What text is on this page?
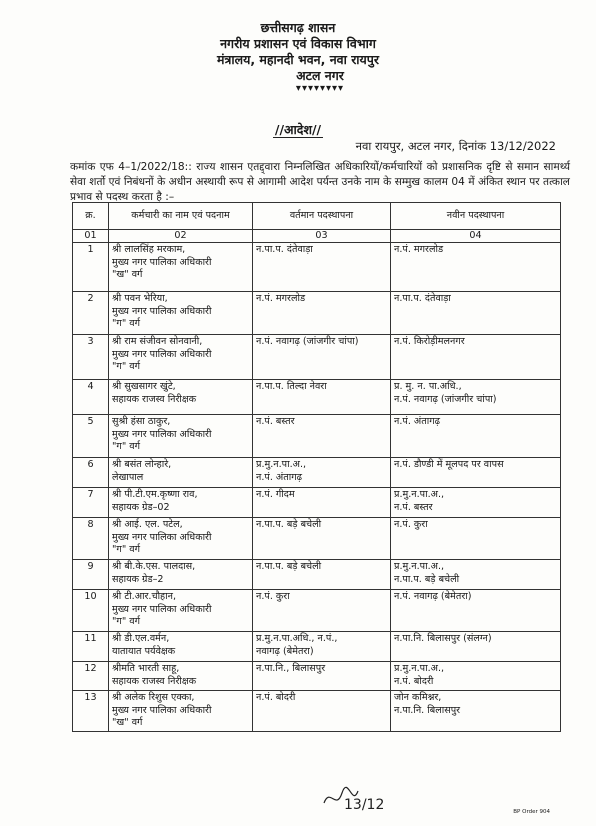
छत्तीसगढ़ शासन
नगरीय प्रशासन एवं विकास विभाग
मंत्रालय, महानदी भवन, नवा रायपुर
अटल नगर
▾▾▾▾▾▾▾▾
//आदेश//
नवा रायपुर, अटल नगर, दिनांक 13/12/2022
कमांक एफ 4–1/2022/18:: राज्य शासन एतद्द्वारा निम्नलिखित अधिकारियों/कर्मचारियों को प्रशासनिक दृष्टि से समान सामर्थ्य सेवा शर्तो एवं निबंधनों के अधीन अस्थायी रूप से आगामी आदेश पर्यन्त उनके नाम के सम्मुख कालम 04 में अंकित स्थान पर तत्काल प्रभाव से पदस्थ करता है :–
क्र.	कर्मचारी का नाम एवं पदनाम	वर्तमान पदस्थापना	नवीन पदस्थापना
01	02	03	04
1	श्री लालसिंह मरकाम,
मुख्य नगर पालिका अधिकारी
"ख" वर्ग	न.पा.प. दंतेवाड़ा	न.पं. मगरलोड
2	श्री पवन भेरिया,
मुख्य नगर पालिका अधिकारी
"ग" वर्ग	न.पं. मगरलोड	न.पा.प. दंतेवाड़ा
3	श्री राम संजीवन सोनवानी,
मुख्य नगर पालिका अधिकारी
"ग" वर्ग	न.पं. नवागढ़ (जांजगीर चांपा)	न.पं. किरोड़ीमलनगर
4	श्री सुखसागर खुंटे,
सहायक राजस्व निरीक्षक	न.पा.प. तिल्दा नेवरा	प्र. मु. न. पा.अधि.,
न.पं. नवागढ़ (जांजगीर चांपा)
5	सुश्री हंसा ठाकुर,
मुख्य नगर पालिका अधिकारी
"ग" वर्ग	न.पं. बस्तर	न.पं. अंतागढ़
6	श्री बसंत लोन्हारे,
लेखापाल	प्र.मु.न.पा.अ.,
न.पं. अंतागढ़	न.पं. डौण्डी में मूलपद पर वापस
7	श्री पी.टी.एम.कृष्णा राव,
सहायक ग्रेड–02	न.पं. गीदम	प्र.मु.न.पा.अ.,
न.पं. बस्तर
8	श्री आई. एल. पटेल,
मुख्य नगर पालिका अधिकारी
"ग" वर्ग	न.पा.प. बड़े बचेली	न.पं. कुरा
9	श्री बी.के.एस. पालदास,
सहायक ग्रेड–2	न.पा.प. बड़े बचेली	प्र.मु.न.पा.अ.,
न.पा.प. बड़े बचेली
10	श्री टी.आर.चौहान,
मुख्य नगर पालिका अधिकारी
"ग" वर्ग	न.पं. कुरा	न.पं. नवागढ़ (बेमेतरा)
11	श्री डी.एल.वर्मन,
यातायात पर्यवेक्षक	प्र.मु.न.पा.अधि., न.पं.,
नवागढ़ (बेमेतरा)	न.पा.नि. बिलासपुर (संलग्न)
12	श्रीमति भारती साहू,
सहायक राजस्व निरीक्षक	न.पा.नि., बिलासपुर	प्र.मु.न.पा.अ.,
न.पं. बोदरी
13	श्री अलेक रिशुस एक्का,
मुख्य नगर पालिका अधिकारी
"ख" वर्ग	न.पं. बोदरी	जोन कमिश्नर,
न.पा.नि. बिलासपुर
13/12	BP Order 904
